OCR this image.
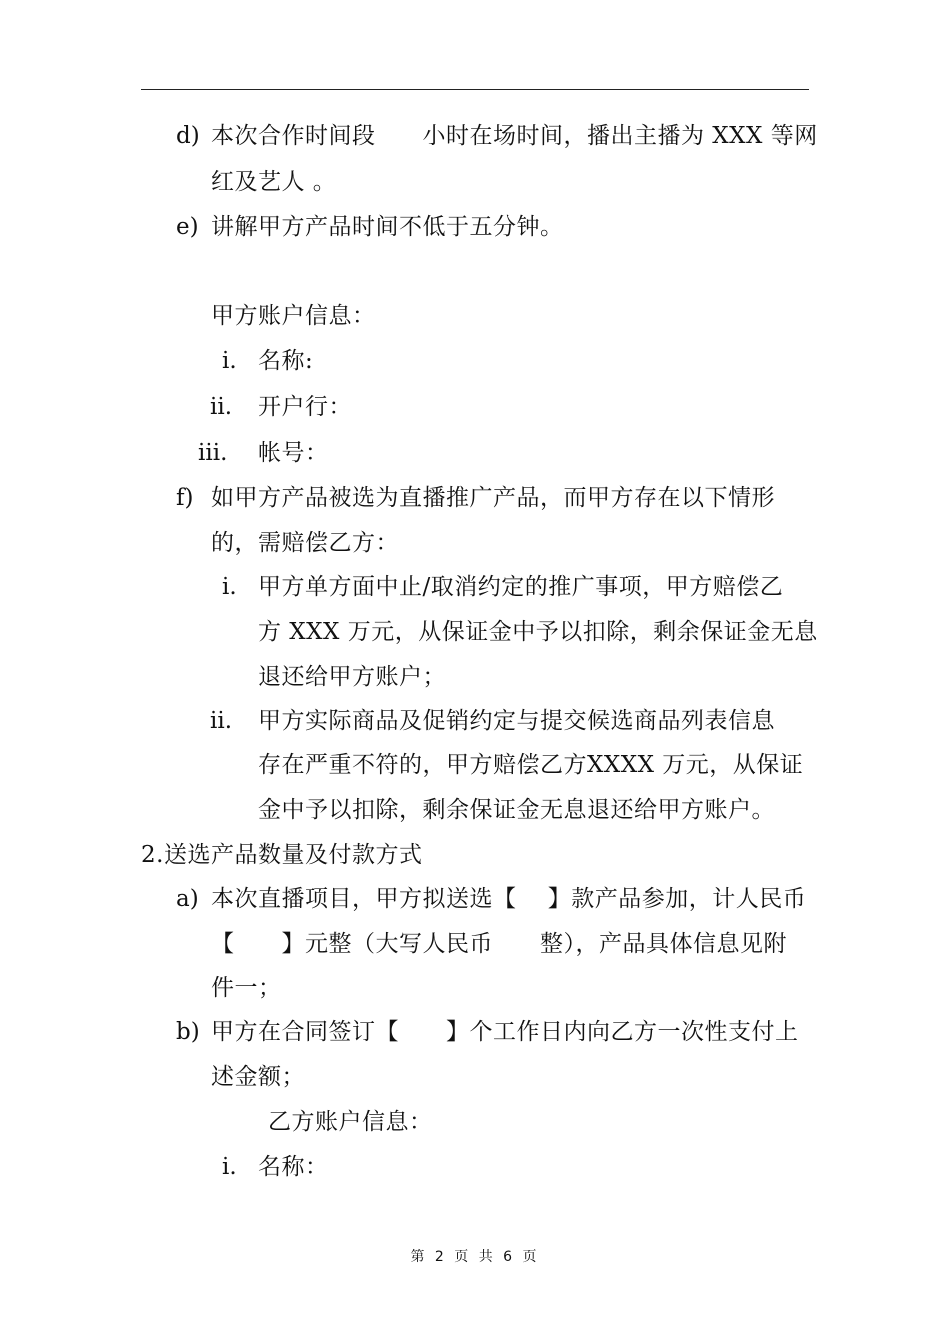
d) 本次合作时间段　　小时在场时间，播出主播为 XXX 等网
红及艺人 。
e) 讲解甲方产品时间不低于五分钟。
甲方账户信息：
i. 名称:
ii. 开户行：
iii. 帐号：
f) 如甲方产品被选为直播推广产品，而甲方存在以下情形
的，需赔偿乙方：
i. 甲方单方面中止/取消约定的推广事项，甲方赔偿乙
方 XXX 万元，从保证金中予以扣除，剩余保证金无息
退还给甲方账户；
ii. 甲方实际商品及促销约定与提交候选商品列表信息
存在严重不符的，甲方赔偿乙方XXXX 万元，从保证
金中予以扣除，剩余保证金无息退还给甲方账户。
2.送选产品数量及付款方式
a) 本次直播项目，甲方拟送选【　 】款产品参加，计人民币
【　　】元整（大写人民币　　整），产品具体信息见附
件一；
b) 甲方在合同签订【　　】个工作日内向乙方一次性支付上
述金额；
乙方账户信息：
i. 名称：
第 2 页 共 6 页
